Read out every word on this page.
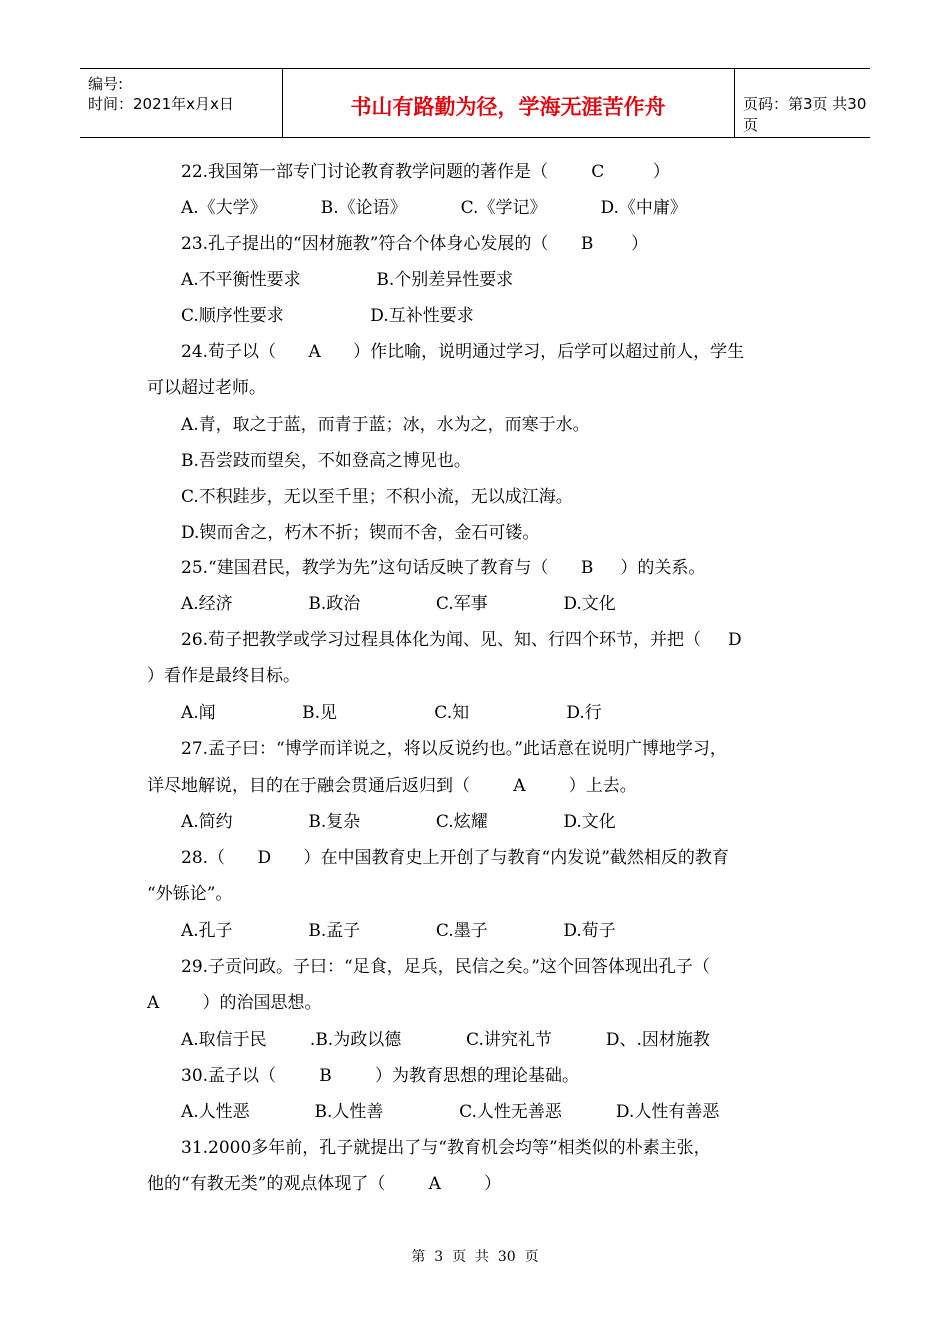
编号:
时间：2021年x月x日	书山有路勤为径，学海无涯苦作舟	页码：第3页 共30页
22.我国第一部专门讨论教育教学问题的著作是（        C         ）
A.《大学》          B.《论语》          C.《学记》          D.《中庸》
23.孔子提出的“因材施教”符合个体身心发展的（      B       ）
A.不平衡性要求              B.个别差异性要求
C.顺序性要求                D.互补性要求
24.荀子以（      A      ）作比喻，说明通过学习，后学可以超过前人，学生
可以超过老师。
A.青，取之于蓝，而青于蓝；冰，水为之，而寒于水。
B.吾尝跂而望矣，不如登高之博见也。
C.不积跬步，无以至千里；不积小流，无以成江海。
D.锲而舍之，朽木不折；锲而不舍，金石可镂。
25.“建国君民，教学为先”这句话反映了教育与（      B     ）的关系。
A.经济              B.政治              C.军事              D.文化
26.荀子把教学或学习过程具体化为闻、见、知、行四个环节，并把（     D
）看作是最终目标。
A.闻                B.见                  C.知                  D.行
27.孟子曰：“博学而详说之，将以反说约也。”此话意在说明广博地学习，
详尽地解说，目的在于融会贯通后返归到（        A        ）上去。
A.简约              B.复杂              C.炫耀              D.文化
28.（      D      ）在中国教育史上开创了与教育“内发说”截然相反的教育
“外铄论”。
A.孔子              B.孟子              C.墨子              D.荀子
29.子贡问政。子曰：“足食，足兵，民信之矣。”这个回答体现出孔子（
A        ）的治国思想。
A.取信于民        .B.为政以德            C.讲究礼节          D、.因材施教
30.孟子以（        B        ）为教育思想的理论基础。
A.人性恶            B.人性善              C.人性无善恶          D.人性有善恶
31.2000多年前，孔子就提出了与“教育机会均等”相类似的朴素主张，
他的“有教无类”的观点体现了（        A        ）
第  3  页  共  30  页
